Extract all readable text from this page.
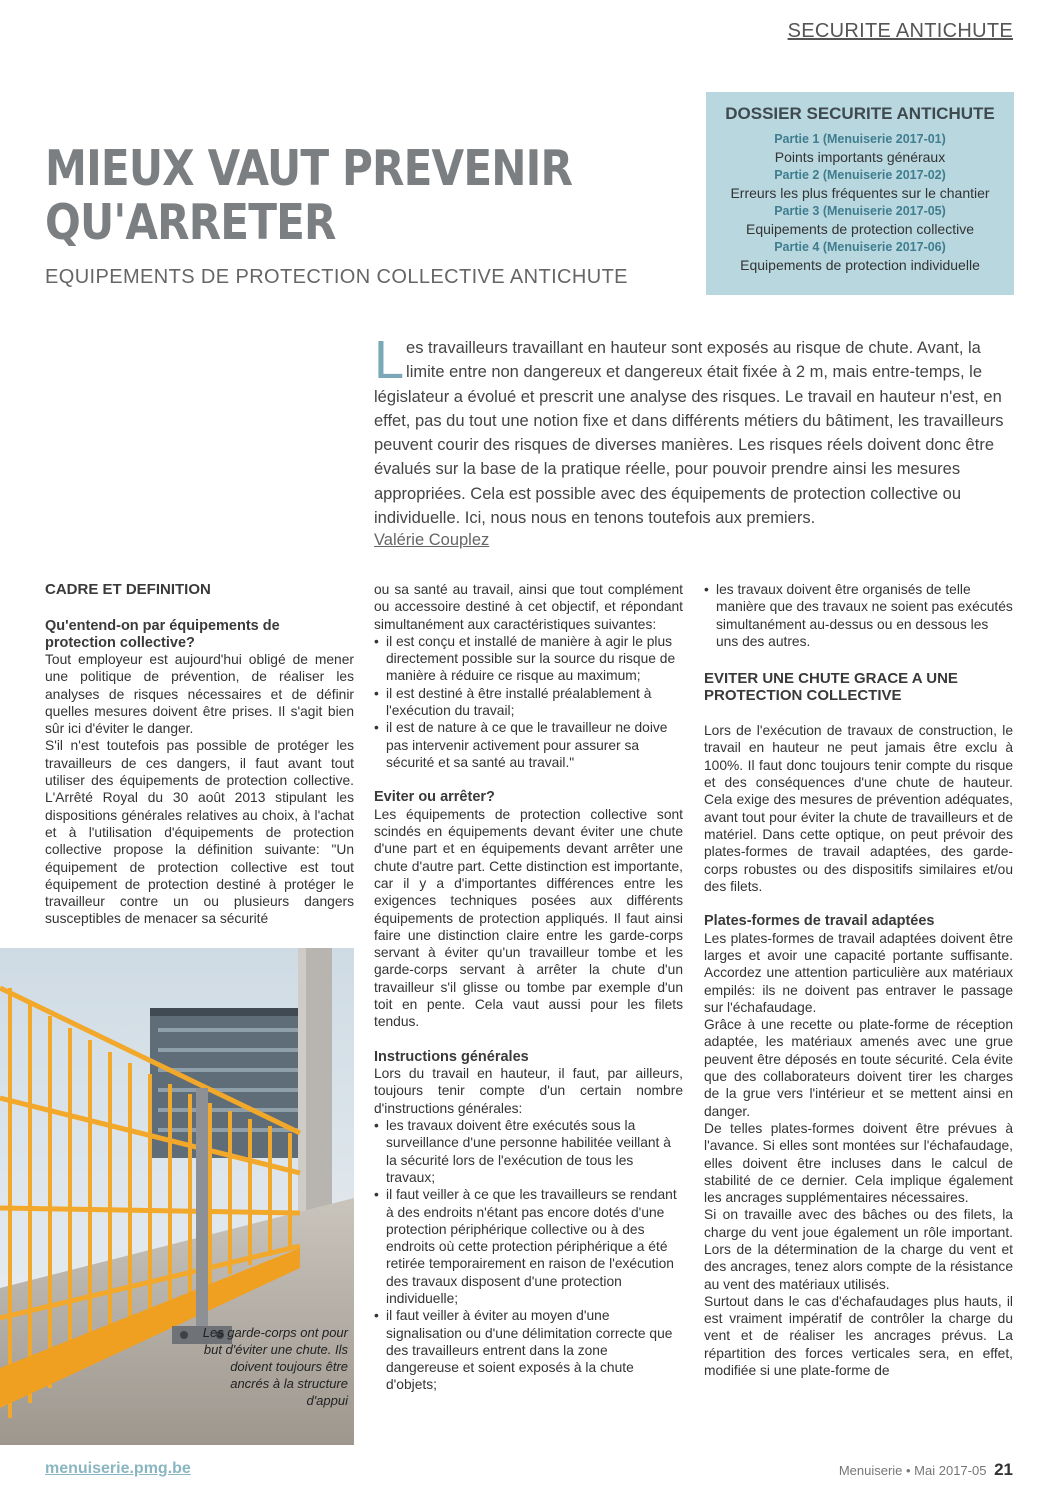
SECURITE ANTICHUTE
DOSSIER SECURITE ANTICHUTE
Partie 1 (Menuiserie 2017-01)
Points importants généraux
Partie 2 (Menuiserie 2017-02)
Erreurs les plus fréquentes sur le chantier
Partie 3 (Menuiserie 2017-05)
Equipements de protection collective
Partie 4 (Menuiserie 2017-06)
Equipements de protection individuelle
MIEUX VAUT PREVENIR
QU'ARRETER
EQUIPEMENTS DE PROTECTION COLLECTIVE ANTICHUTE
L es travailleurs travaillant en hauteur sont exposés au risque de chute. Avant, la limite entre non dangereux et dangereux était fixée à 2 m, mais entre-temps, le législateur a évolué et prescrit une analyse des risques. Le travail en hauteur n'est, en effet, pas du tout une notion fixe et dans différents métiers du bâtiment, les travailleurs peuvent courir des risques de diverses manières. Les risques réels doivent donc être évalués sur la base de la pratique réelle, pour pouvoir prendre ainsi les mesures appropriées. Cela est possible avec des équipements de protection collective ou individuelle. Ici, nous nous en tenons toutefois aux premiers.
Valérie Couplez
CADRE ET DEFINITION
Qu'entend-on par équipements de protection collective?

Tout employeur est aujourd'hui obligé de mener une politique de prévention, de réaliser les analyses de risques nécessaires et de définir quelles mesures doivent être prises. Il s'agit bien sûr ici d'éviter le danger.

S'il n'est toutefois pas possible de protéger les travailleurs de ces dangers, il faut avant tout utiliser des équipements de protection collective. L'Arrêté Royal du 30 août 2013 stipulant les dispositions générales relatives au choix, à l'achat et à l'utilisation d'équipements de protection collective propose la définition suivante: "Un équipement de protection collective est tout équipement de protection destiné à protéger le travailleur contre un ou plusieurs dangers susceptibles de menacer sa sécurité

Les garde-corps ont pour but d'éviter une chute. Ils doivent toujours être ancrés à la structure d'appui

ou sa santé au travail, ainsi que tout complément ou accessoire destiné à cet objectif, et répondant simultanément aux caractéristiques suivantes:

• il est conçu et installé de manière à agir le plus directement possible sur la source du risque de manière à réduire ce risque au maximum;
• il est destiné à être installé préalablement à l'exécution du travail;
• il est de nature à ce que le travailleur ne doive pas intervenir activement pour assurer sa sécurité et sa santé au travail."
Eviter ou arrêter?

Les équipements de protection collective sont scindés en équipements devant éviter une chute d'une part et en équipements devant arrêter une chute d'autre part. Cette distinction est importante, car il y a d'importantes différences entre les exigences techniques posées aux différents équipements de protection appliqués. Il faut ainsi faire une distinction claire entre les garde-corps servant à éviter qu'un travailleur tombe et les garde-corps servant à arrêter la chute d'un travailleur s'il glisse ou tombe par exemple d'un toit en pente. Cela vaut aussi pour les filets tendus.

Instructions générales

Lors du travail en hauteur, il faut, par ailleurs, toujours tenir compte d'un certain nombre d'instructions générales:

• les travaux doivent être exécutés sous la surveillance d'une personne habilitée veillant à la sécurité lors de l'exécution de tous les travaux;
• il faut veiller à ce que les travailleurs se rendant à des endroits n'étant pas encore dotés d'une protection périphérique collective ou à des endroits où cette protection périphérique a été retirée temporairement en raison de l'exécution des travaux disposent d'une protection individuelle;
• il faut veiller à éviter au moyen d'une signalisation ou d'une délimitation correcte que des travailleurs entrent dans la zone dangereuse et soient exposés à la chute d'objets;
• les travaux doivent être organisés de telle manière que des travaux ne soient pas exécutés simultanément au-dessus ou en dessous les uns des autres.
EVITER UNE CHUTE GRACE A UNE PROTECTION COLLECTIVE

Lors de l'exécution de travaux de construction, le travail en hauteur ne peut jamais être exclu à 100%. Il faut donc toujours tenir compte du risque et des conséquences d'une chute de hauteur. Cela exige des mesures de prévention adéquates, avant tout pour éviter la chute de travailleurs et de matériel. Dans cette optique, on peut prévoir des plates-formes de travail adaptées, des garde-corps robustes ou des dispositifs similaires et/ou des filets.

Plates-formes de travail adaptées

Les plates-formes de travail adaptées doivent être larges et avoir une capacité portante suffisante. Accordez une attention particulière aux matériaux empilés: ils ne doivent pas entraver le passage sur l'échafaudage.

Grâce à une recette ou plate-forme de réception adaptée, les matériaux amenés avec une grue peuvent être déposés en toute sécurité. Cela évite que des collaborateurs doivent tirer les charges de la grue vers l'intérieur et se mettent ainsi en danger.

De telles plates-formes doivent être prévues à l'avance. Si elles sont montées sur l'échafaudage, elles doivent être incluses dans le calcul de stabilité de ce dernier. Cela implique également les ancrages supplémentaires nécessaires.

Si on travaille avec des bâches ou des filets, la charge du vent joue également un rôle important. Lors de la détermination de la charge du vent et des ancrages, tenez alors compte de la résistance au vent des matériaux utilisés.

Surtout dans le cas d'échafaudages plus hauts, il est vraiment impératif de contrôler la charge du vent et de réaliser les ancrages prévus. La répartition des forces verticales sera, en effet, modifiée si une plate-forme de

menuiserie.pmg.be	Menuiserie • Mai 2017-05 21
